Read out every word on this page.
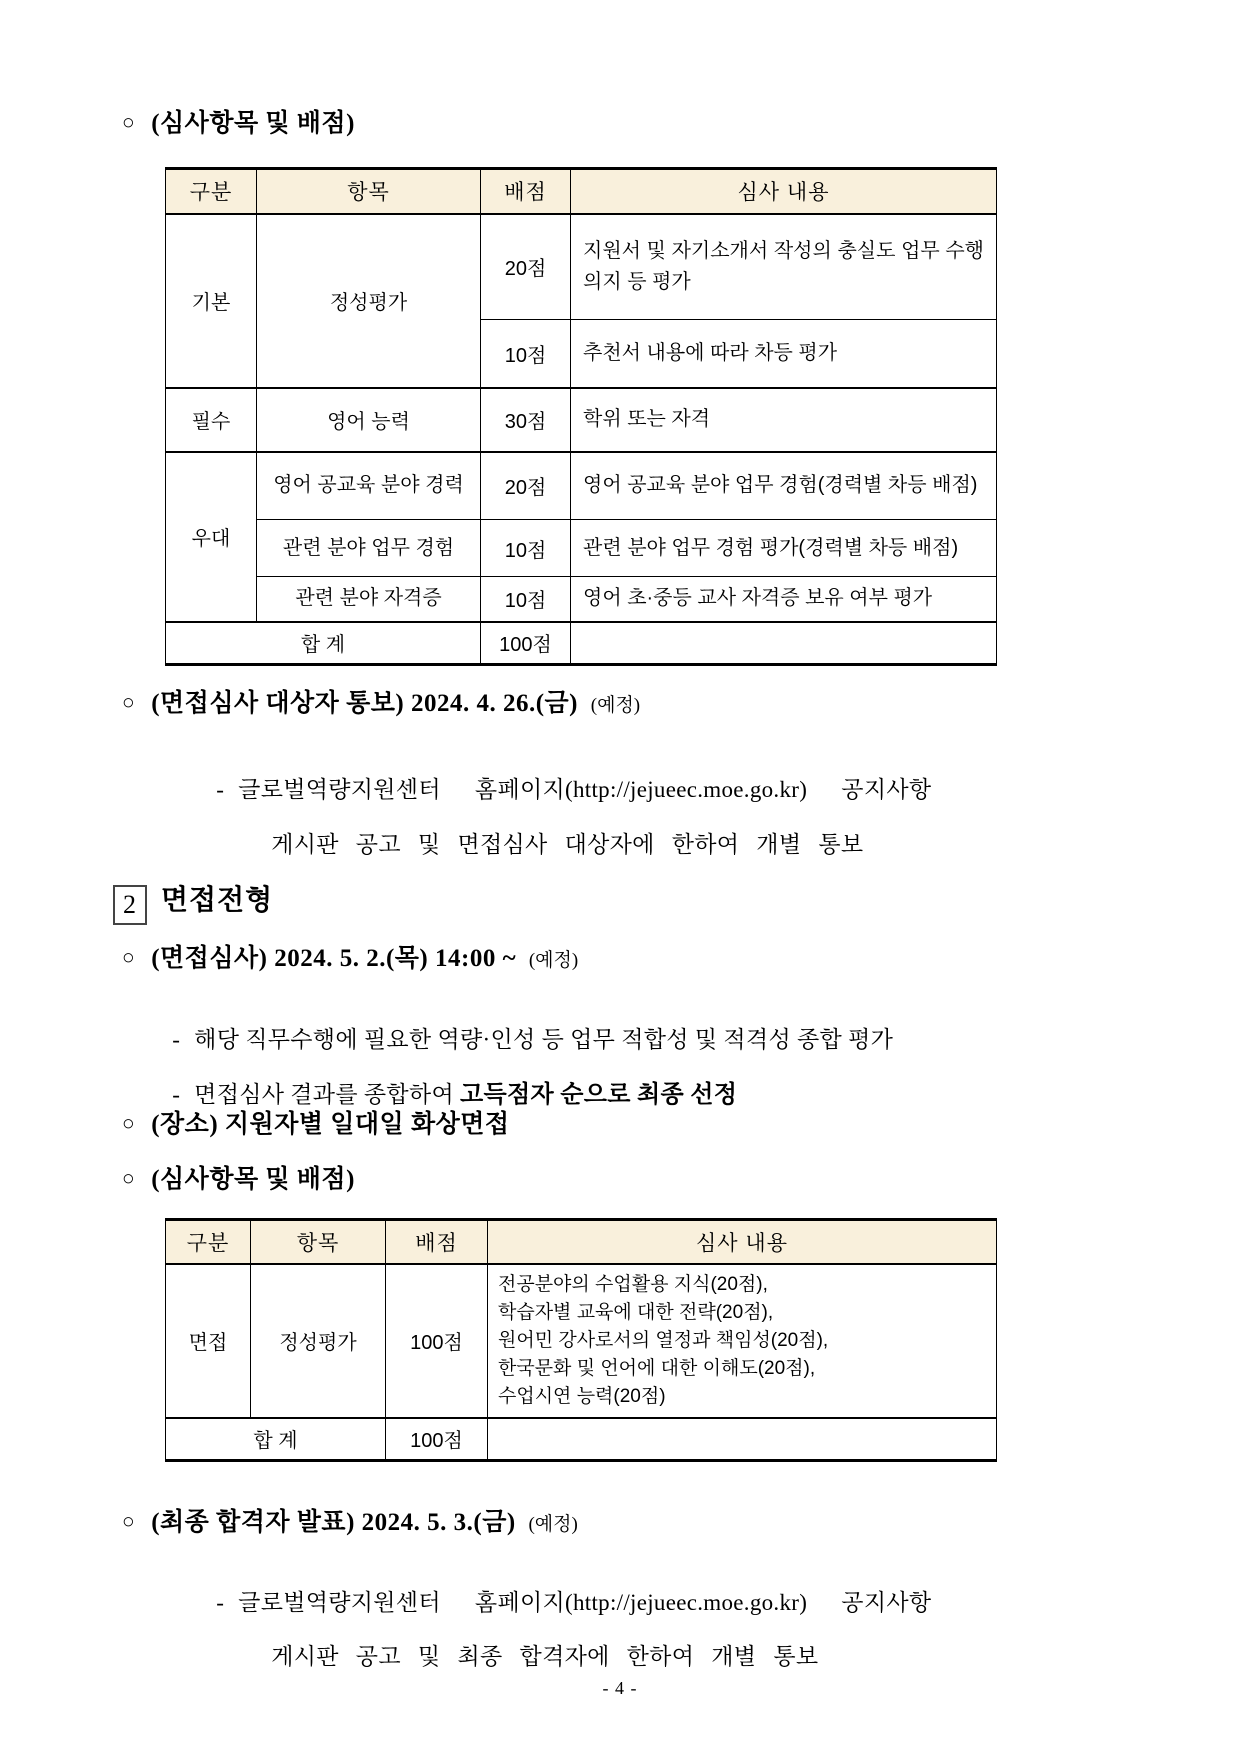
○ (심사항목 및 배점)
구분	항목	배점	심사 내용
기본	정성평가	20점	지원서 및 자기소개서 작성의 충실도 업무 수행의지 등 평가
		10점	추천서 내용에 따라 차등 평가
필수	영어 능력	30점	학위 또는 자격
우대	영어 공교육 분야 경력	20점	영어 공교육 분야 업무 경험(경력별 차등 배점)
	관련 분야 업무 경험	10점	관련 분야 업무 경험 평가(경력별 차등 배점)
	관련 분야 자격증	10점	영어 초·중등 교사 자격증 보유 여부 평가
합 계		100점	
○ (면접심사 대상자 통보) 2024. 4. 26.(금) (예정)

- 글로벌역량지원센터  홈페이지(http://jejueec.moe.go.kr)  공지사항

게시판 공고 및 면접심사 대상자에 한하여 개별 통보

2 면접전형
○ (면접심사) 2024. 5. 2.(목) 14:00 ~ (예정)

- 해당 직무수행에 필요한 역량·인성 등 업무 적합성 및 적격성 종합 평가

- 면접심사 결과를 종합하여 고득점자 순으로 최종 선정

○ (장소) 지원자별 일대일 화상면접
○ (심사항목 및 배점)
구분	항목	배점	심사 내용
면접	정성평가	100점	전공분야의 수업활용 지식(20점),
학습자별 교육에 대한 전략(20점),
원어민 강사로서의 열정과 책임성(20점),
한국문화 및 언어에 대한 이해도(20점),
수업시연 능력(20점)

합 계		100점	
○ (최종 합격자 발표) 2024. 5. 3.(금) (예정)

- 글로벌역량지원센터  홈페이지(http://jejueec.moe.go.kr)  공지사항

게시판 공고 및 최종 합격자에 한하여 개별 통보

- 4 -
